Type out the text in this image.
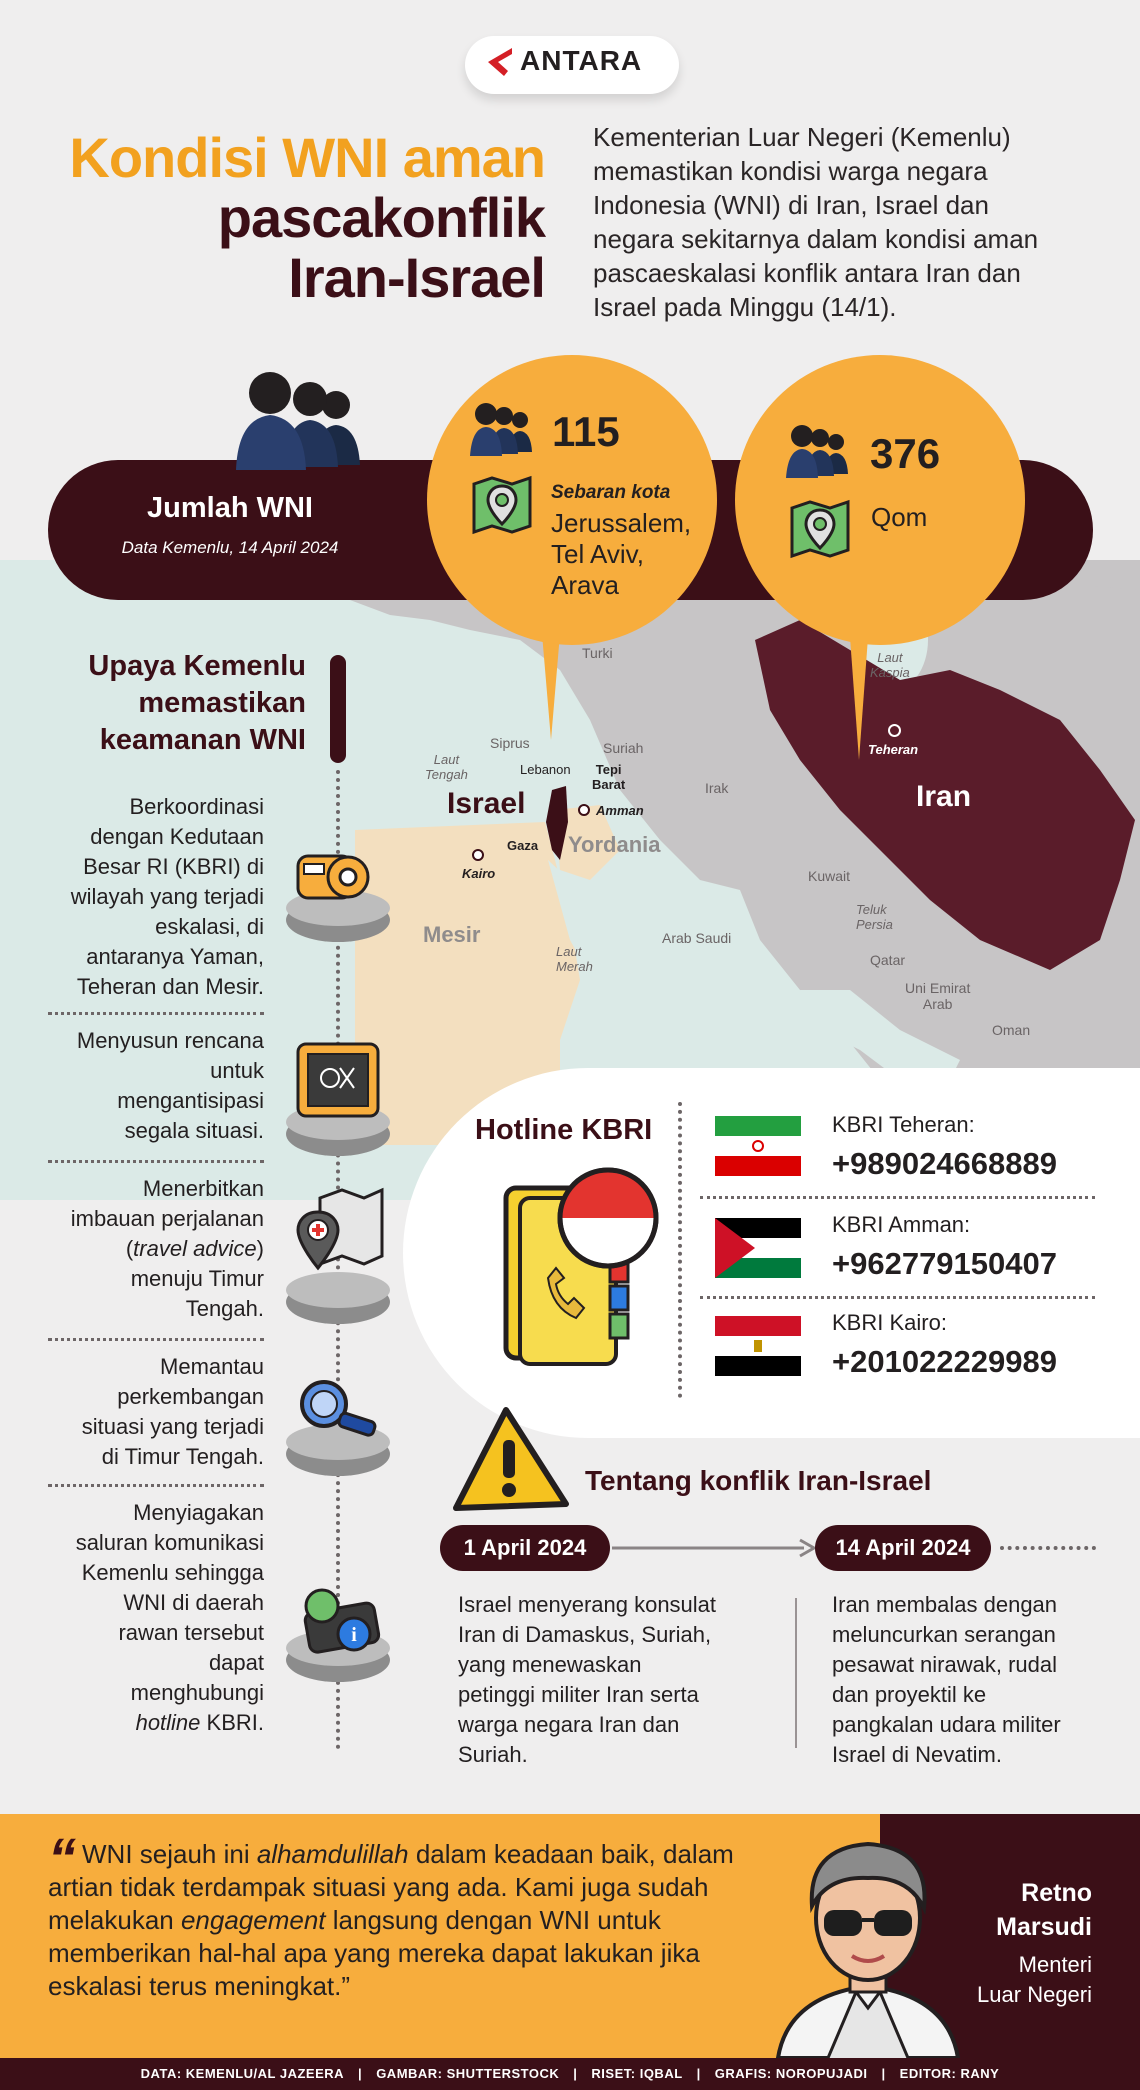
ANTARA
Kondisi WNI aman
pascakonflik
Iran-Israel
Kementerian Luar Negeri (Kemenlu) memastikan kondisi warga negara Indonesia (WNI) di Iran, Israel dan negara sekitarnya dalam kondisi aman pascaeskalasi konflik antara Iran dan Israel pada Minggu (14/1).
Turki	Laut
Kaspia
Siprus	Suriah
Laut
Tengah	Lebanon Tepi
Barat	Irak
Israel	Amman
Gaza Yordania
Kairo
Teheran
Iran
Kuwait
Mesir
Teluk
Persia
Laut
Merah
Arab Saudi
Qatar
Uni Emirat
Arab
Oman
Jumlah WNI
Data Kemenlu, 14 April 2024
115
Sebaran kota
Jerussalem,
Tel Aviv,
Arava
376
Qom
Upaya Kemenlu
memastikan
keamanan WNI
Berkoordinasi
dengan Kedutaan
Besar RI (KBRI) di
wilayah yang terjadi
eskalasi, di
antaranya Yaman,
Teheran dan Mesir.
Menyusun rencana
untuk
mengantisipasi
segala situasi.
Menerbitkan
imbauan perjalanan
(travel advice)
menuju Timur
Tengah.
Memantau
perkembangan
situasi yang terjadi
di Timur Tengah.
Menyiagakan
saluran komunikasi
Kemenlu sehingga
WNI di daerah
rawan tersebut
dapat
menghubungi
hotline KBRI.
i
Hotline KBRI	KBRI Teheran:
+989024668889
KBRI Amman:
+962779150407
KBRI Kairo:
+201022229989
Tentang konflik Iran-Israel
1 April 2024	14 April 2024
Israel menyerang konsulat
Iran di Damaskus, Suriah,
yang menewaskan
petinggi militer Iran serta
warga negara Iran dan
Suriah.
Iran membalas dengan
meluncurkan serangan
pesawat nirawak, rudal
dan proyektil ke
pangkalan udara militer
Israel di Nevatim.
“ WNI sejauh ini alhamdulillah dalam keadaan baik, dalam artian tidak terdampak situasi yang ada. Kami juga sudah melakukan engagement langsung dengan WNI untuk memberikan hal-hal apa yang mereka dapat lakukan jika eskalasi terus meningkat.”
Retno
Marsudi
Menteri
Luar Negeri
DATA: KEMENLU/AL JAZEERA | GAMBAR: SHUTTERSTOCK | RISET: IQBAL | GRAFIS: NOROPUJADI | EDITOR: RANY
